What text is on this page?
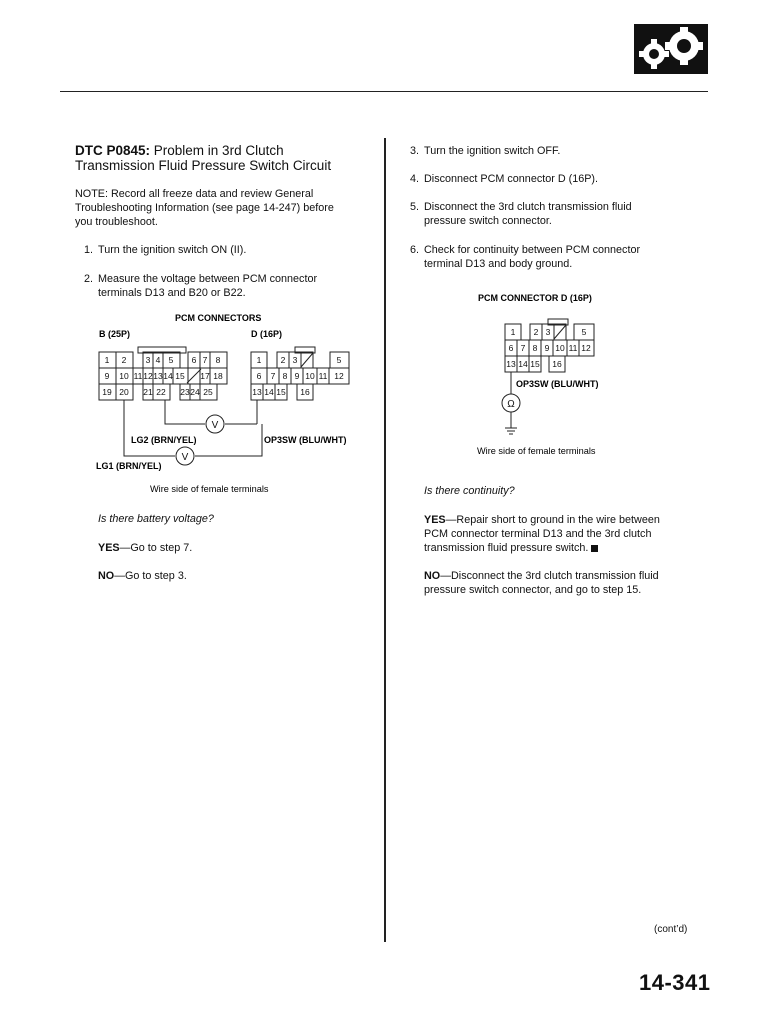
DTC P0845: Problem in 3rd Clutch
Transmission Fluid Pressure Switch Circuit
NOTE: Record all freeze data and review General
Troubleshooting Information (see page 14-247) before
you troubleshoot.
1. Turn the ignition switch ON (II).
2. Measure the voltage between PCM connector
terminals D13 and B20 or B22.
PCM CONNECTORS
B (25P)	D (16P)
1 2 3 4 5 6 7 8
9 10 11 12 13 14 15 17 18
19 20 21 22 23 24 25
1 2 3	5
6 7 8 9 10 11 12
13 14 15 16
V
V
LG2 (BRN/YEL)	OP3SW (BLU/WHT)
LG1 (BRN/YEL)
Wire side of female terminals
Is there battery voltage?
YES—Go to step 7.
NO—Go to step 3.
3. Turn the ignition switch OFF.
4. Disconnect PCM connector D (16P).
5. Disconnect the 3rd clutch transmission fluid
pressure switch connector.
6. Check for continuity between PCM connector
terminal D13 and body ground.
PCM CONNECTOR D (16P)
1 2 3	5
6 7 8 9 10 11 12
13 14 15 16
OP3SW (BLU/WHT)
Ω
Wire side of female terminals
Is there continuity?
YES—Repair short to ground in the wire between
PCM connector terminal D13 and the 3rd clutch
transmission fluid pressure switch.
NO—Disconnect the 3rd clutch transmission fluid
pressure switch connector, and go to step 15.
(cont’d)
14-341
